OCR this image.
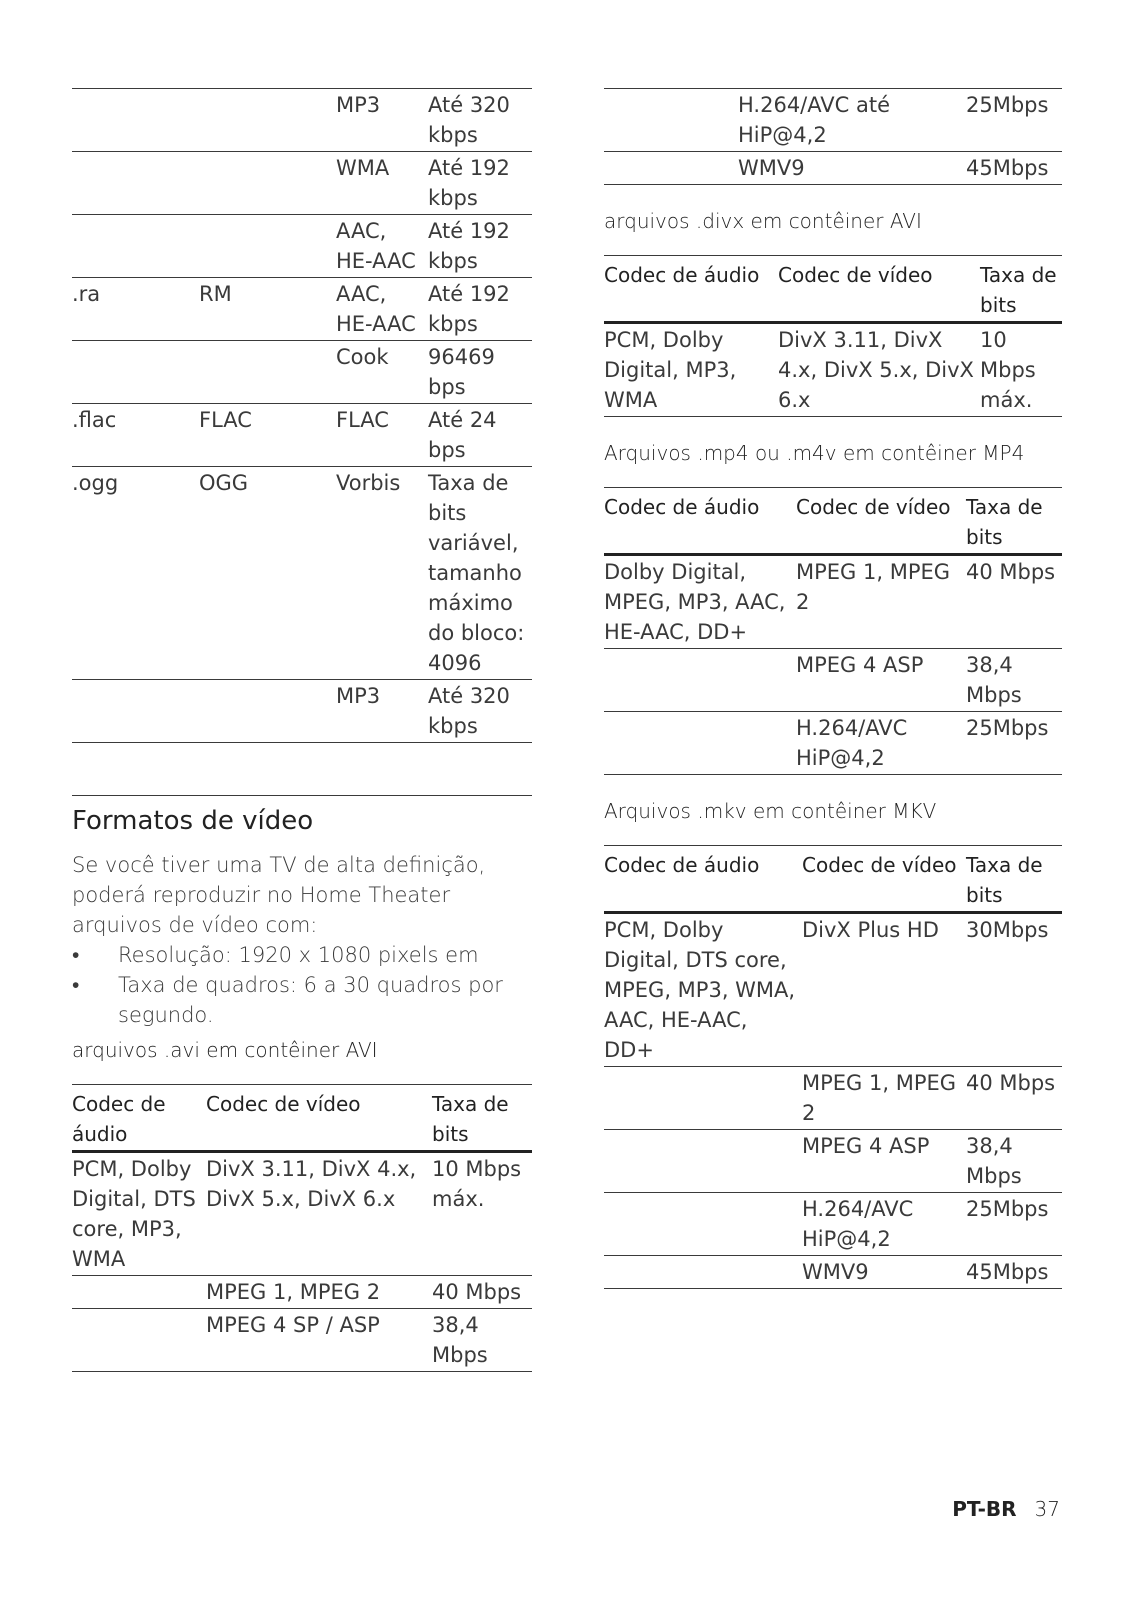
		MP3	Até 320 kbps
		WMA	Até 192 kbps
		AAC, HE-AAC	Até 192 kbps
.ra	RM	AAC, HE-AAC	Até 192 kbps
		Cook	96469 bps
.flac	FLAC	FLAC	Até 24 bps
.ogg	OGG	Vorbis	Taxa de bits variável, tamanho máximo do bloco: 4096
		MP3	Até 320 kbps
Formatos de vídeo

Se você tiver uma TV de alta definição, poderá reproduzir no Home Theater arquivos de vídeo com:

• Resolução: 1920 x 1080 pixels em
• Taxa de quadros: 6 a 30 quadros por segundo.
arquivos .avi em contêiner AVI
Codec de áudio	Codec de vídeo	Taxa de bits
PCM, Dolby Digital, DTS core, MP3, WMA	DivX 3.11, DivX 4.x, DivX 5.x, DivX 6.x	10 Mbps máx.
	MPEG 1, MPEG 2	40 Mbps
	MPEG 4 SP / ASP	38,4 Mbps
	H.264/AVC até HiP@4,2	25Mbps
	WMV9	45Mbps
arquivos .divx em contêiner AVI
Codec de áudio	Codec de vídeo	Taxa de bits
PCM, Dolby Digital, MP3, WMA	DivX 3.11, DivX 4.x, DivX 5.x, DivX 6.x	10 Mbps máx.
Arquivos .mp4 ou .m4v em contêiner MP4
Codec de áudio	Codec de vídeo	Taxa de bits
Dolby Digital, MPEG, MP3, AAC, HE-AAC, DD+	MPEG 1, MPEG 2	40 Mbps
	MPEG 4 ASP	38,4 Mbps
	H.264/AVC HiP@4,2	25Mbps
Arquivos .mkv em contêiner MKV
Codec de áudio	Codec de vídeo	Taxa de bits
PCM, Dolby Digital, DTS core, MPEG, MP3, WMA, AAC, HE-AAC, DD+	DivX Plus HD	30Mbps
	MPEG 1, MPEG 2	40 Mbps
	MPEG 4 ASP	38,4 Mbps
	H.264/AVC HiP@4,2	25Mbps
	WMV9	45Mbps
PT-BR 37
